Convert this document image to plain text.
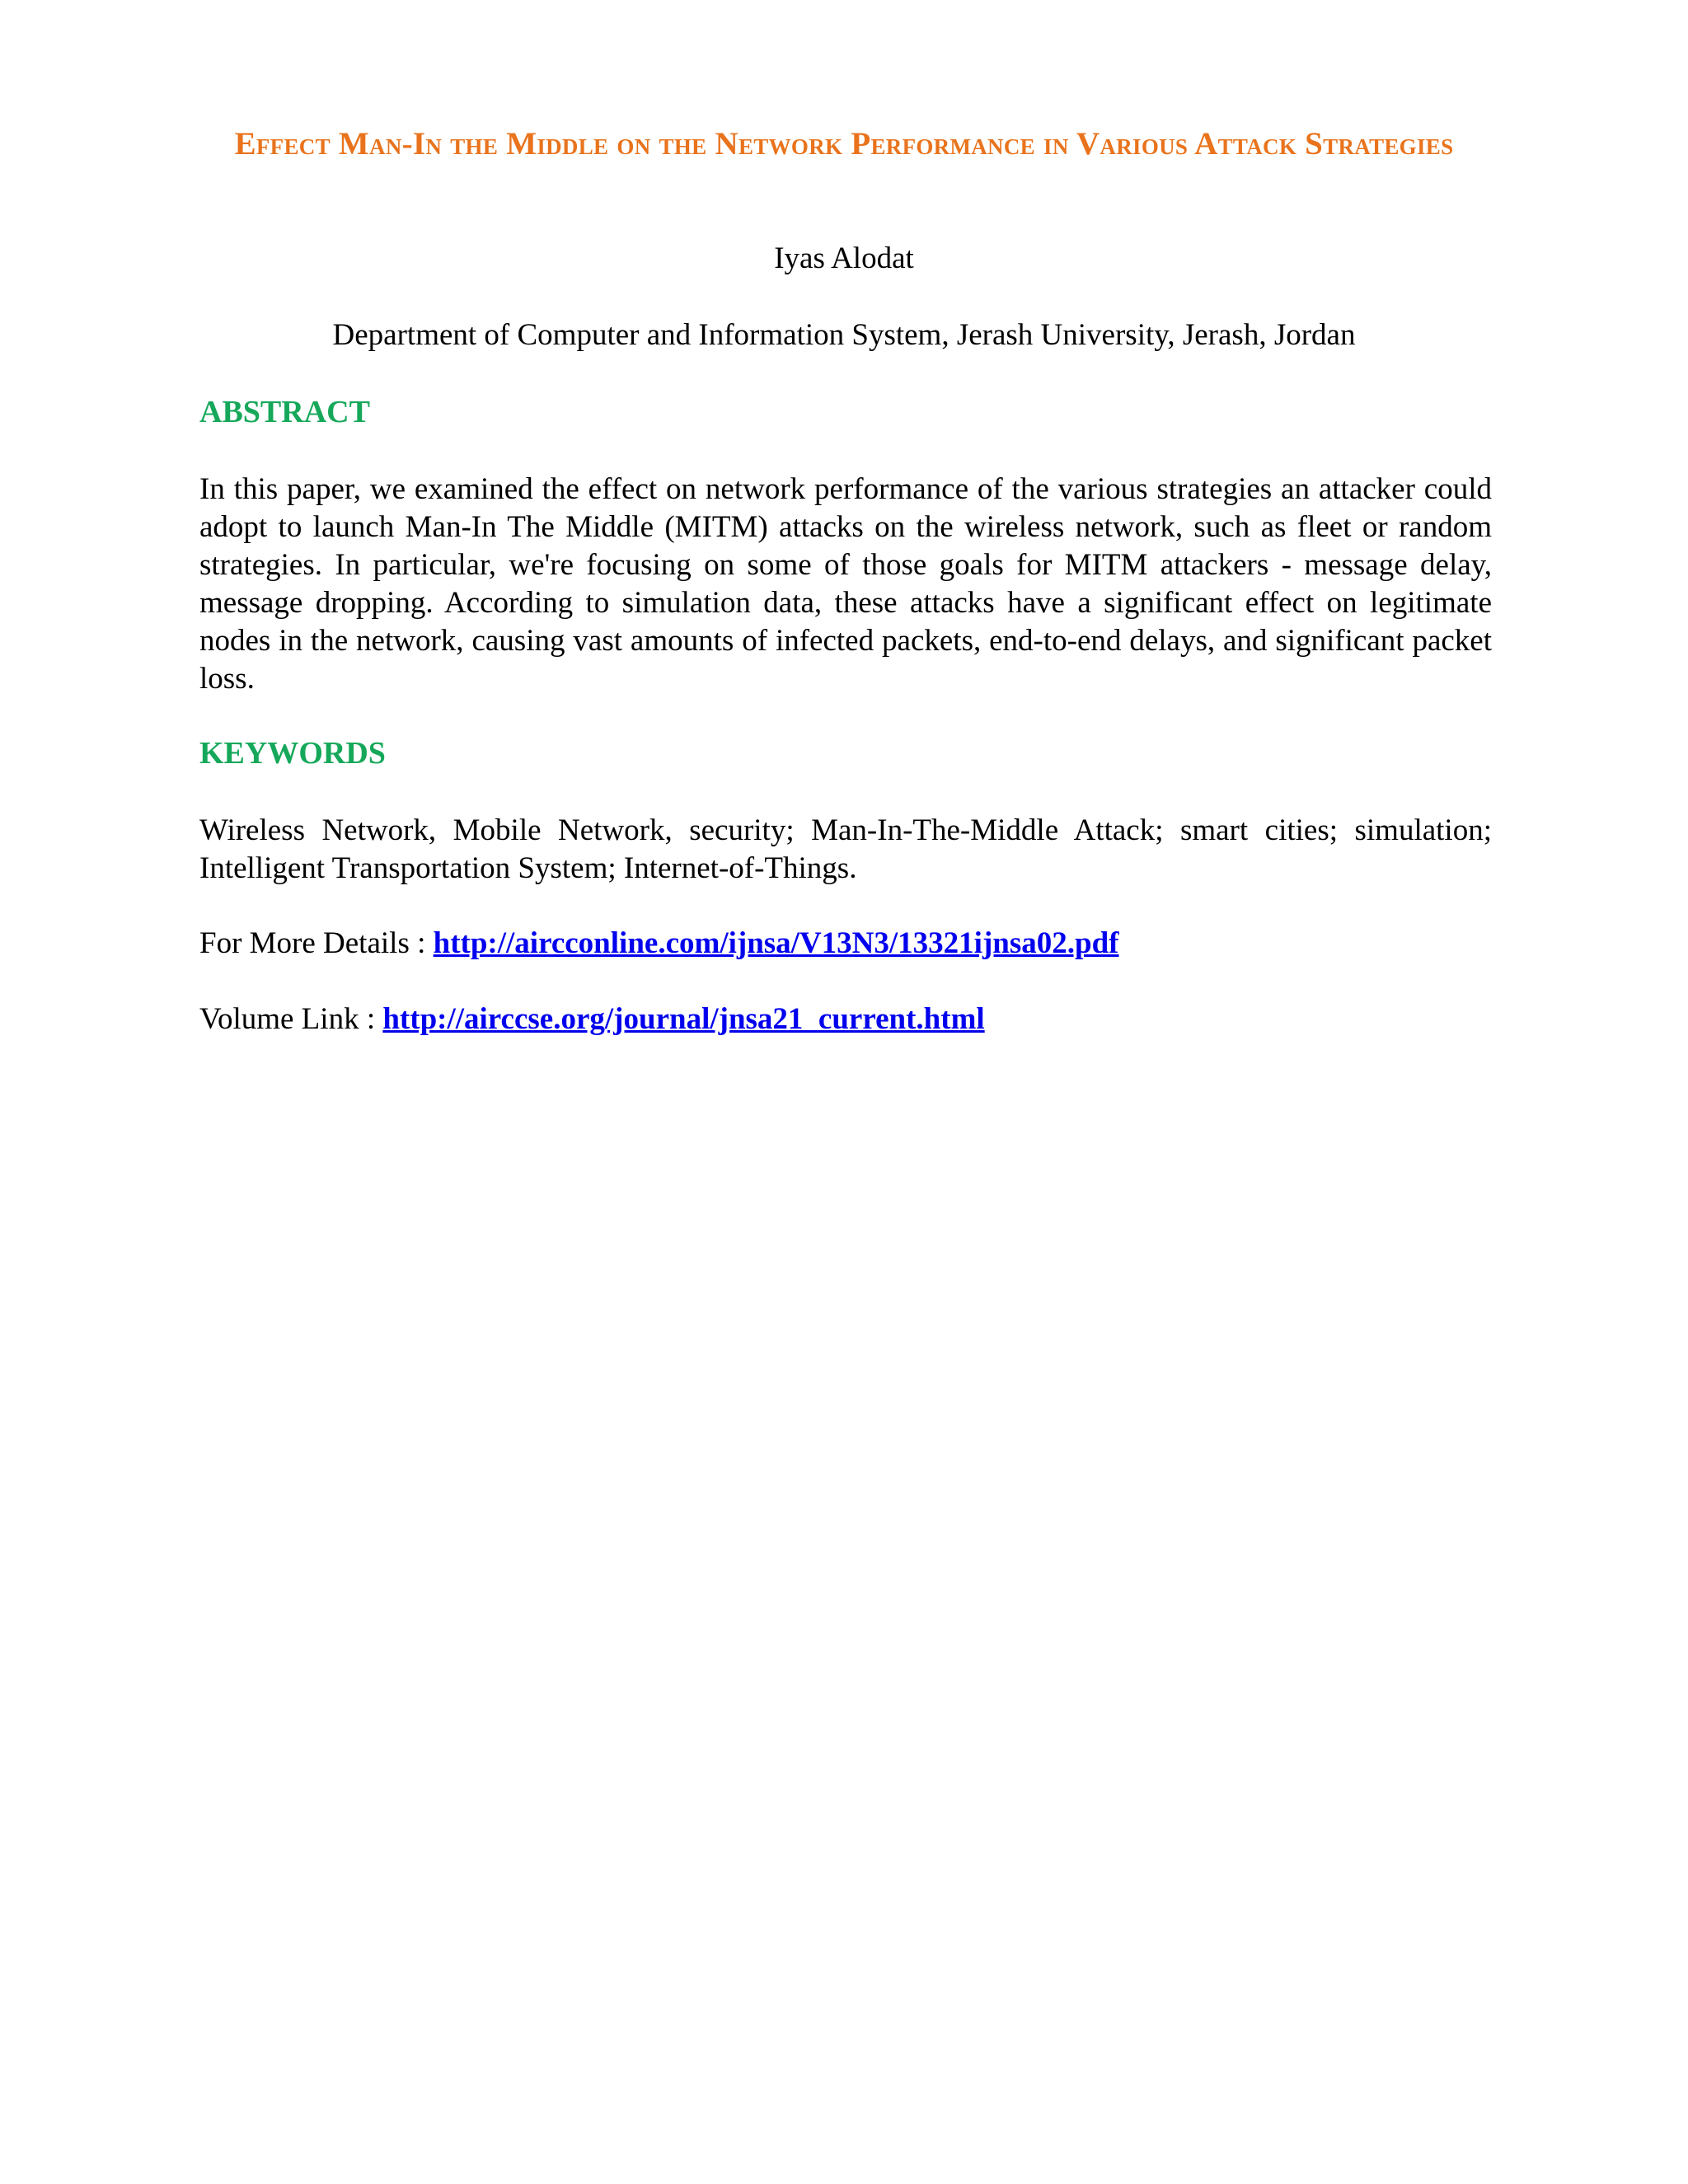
Effect Man-In the Middle on the Network Performance in Various Attack Strategies
Iyas Alodat
Department of Computer and Information System, Jerash University, Jerash, Jordan
ABSTRACT
In this paper, we examined the effect on network performance of the various strategies an attacker could adopt to launch Man-In The Middle (MITM) attacks on the wireless network, such as fleet or random strategies. In particular, we're focusing on some of those goals for MITM attackers - message delay, message dropping. According to simulation data, these attacks have a significant effect on legitimate nodes in the network, causing vast amounts of infected packets, end-to-end delays, and significant packet loss.
KEYWORDS
Wireless Network, Mobile Network, security; Man-In-The-Middle Attack; smart cities; simulation; Intelligent Transportation System; Internet-of-Things.
For More Details : http://aircconline.com/ijnsa/V13N3/13321ijnsa02.pdf
Volume Link : http://airccse.org/journal/jnsa21_current.html
